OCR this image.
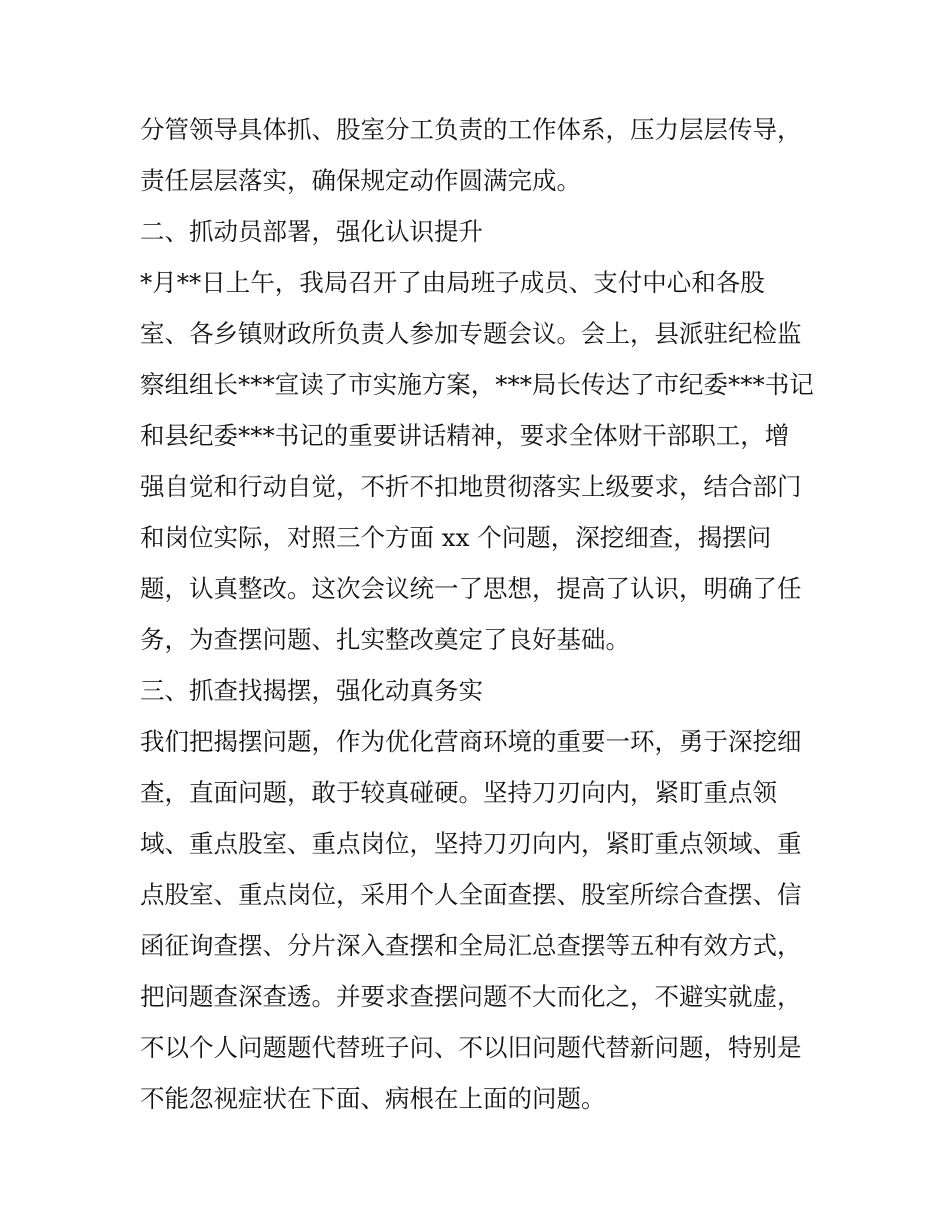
分管领导具体抓、股室分工负责的工作体系，压力层层传导，
责任层层落实，确保规定动作圆满完成。
二、抓动员部署，强化认识提升
*月**日上午，我局召开了由局班子成员、支付中心和各股
室、各乡镇财政所负责人参加专题会议。会上，县派驻纪检监
察组组长***宣读了市实施方案，***局长传达了市纪委***书记
和县纪委***书记的重要讲话精神，要求全体财干部职工，增
强自觉和行动自觉，不折不扣地贯彻落实上级要求，结合部门
和岗位实际，对照三个方面 xx 个问题，深挖细查，揭摆问
题，认真整改。这次会议统一了思想，提高了认识，明确了任
务，为查摆问题、扎实整改奠定了良好基础。
三、抓查找揭摆，强化动真务实
我们把揭摆问题，作为优化营商环境的重要一环，勇于深挖细
查，直面问题，敢于较真碰硬。坚持刀刃向内，紧盯重点领
域、重点股室、重点岗位，坚持刀刃向内，紧盯重点领域、重
点股室、重点岗位，采用个人全面查摆、股室所综合查摆、信
函征询查摆、分片深入查摆和全局汇总查摆等五种有效方式，
把问题查深查透。并要求查摆问题不大而化之，不避实就虚，
不以个人问题题代替班子问、不以旧问题代替新问题，特别是
不能忽视症状在下面、病根在上面的问题。
